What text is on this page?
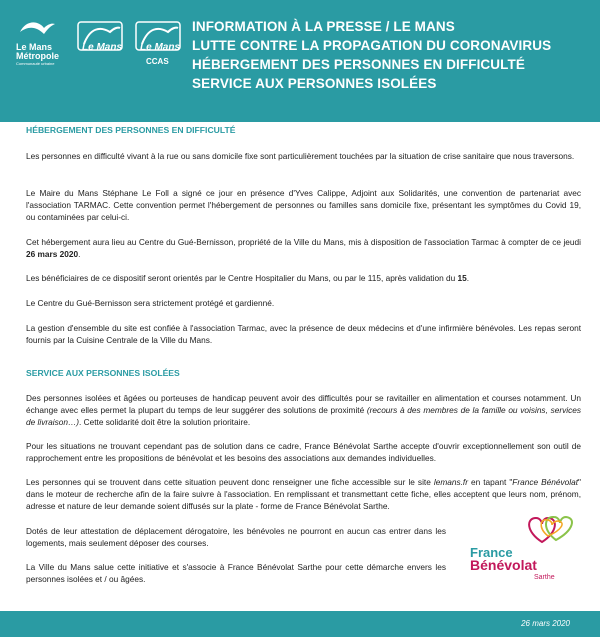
Le Mans Métropole
Communauté urbaine
Le Mans Le Mans
CCAS
INFORMATION À LA PRESSE / LE MANS
LUTTE CONTRE LA PROPAGATION DU CORONAVIRUS
HÉBERGEMENT DES PERSONNES EN DIFFICULTÉ
SERVICE AUX PERSONNES ISOLÉES
HÉBERGEMENT DES PERSONNES EN DIFFICULTÉ
Les personnes en difficulté vivant à la rue ou sans domicile fixe sont particulièrement touchées par la situation de crise sanitaire que nous traversons.
Le Maire du Mans Stéphane Le Foll a signé ce jour en présence d'Yves Calippe, Adjoint aux Solidarités, une convention de partenariat avec l'association TARMAC. Cette convention permet l'hébergement de personnes ou familles sans domicile fixe, présentant les symptômes du Covid 19, ou contaminées par celui-ci.
Cet hébergement aura lieu au Centre du Gué-Bernisson, propriété de la Ville du Mans, mis à disposition de l'association Tarmac à compter de ce jeudi 26 mars 2020.
Les bénéficiaires de ce dispositif seront orientés par le Centre Hospitalier du Mans, ou par le 115, après validation du 15.
Le Centre du Gué-Bernisson sera strictement protégé et gardienné.
La gestion d'ensemble du site est confiée à l'association Tarmac, avec la présence de deux médecins et d'une infirmière bénévoles. Les repas seront fournis par la Cuisine Centrale de la Ville du Mans.
SERVICE AUX PERSONNES ISOLÉES
Des personnes isolées et âgées ou porteuses de handicap peuvent avoir des difficultés pour se ravitailler en alimentation et courses notamment. Un échange avec elles permet la plupart du temps de leur suggérer des solutions de proximité (recours à des membres de la famille ou voisins, services de livraison…). Cette solidarité doit être la solution prioritaire.
Pour les situations ne trouvant cependant pas de solution dans ce cadre, France Bénévolat Sarthe accepte d'ouvrir exceptionnellement son outil de rapprochement entre les propositions de bénévolat et les besoins des associations aux demandes individuelles.
Les personnes qui se trouvent dans cette situation peuvent donc renseigner une fiche accessible sur le site lemans.fr en tapant "France Bénévolat" dans le moteur de recherche afin de la faire suivre à l'association. En remplissant et transmettant cette fiche, elles acceptent que leurs nom, prénom, adresse et nature de leur demande soient diffusés sur la plate - forme de France Bénévolat Sarthe.
Dotés de leur attestation de déplacement dérogatoire, les bénévoles ne pourront en aucun cas entrer dans les logements, mais seulement déposer des courses.
La Ville du Mans salue cette initiative et s'associe à France Bénévolat Sarthe pour cette démarche envers les personnes isolées et / ou âgées.
France
Bénévolat
Sarthe
26 mars 2020
